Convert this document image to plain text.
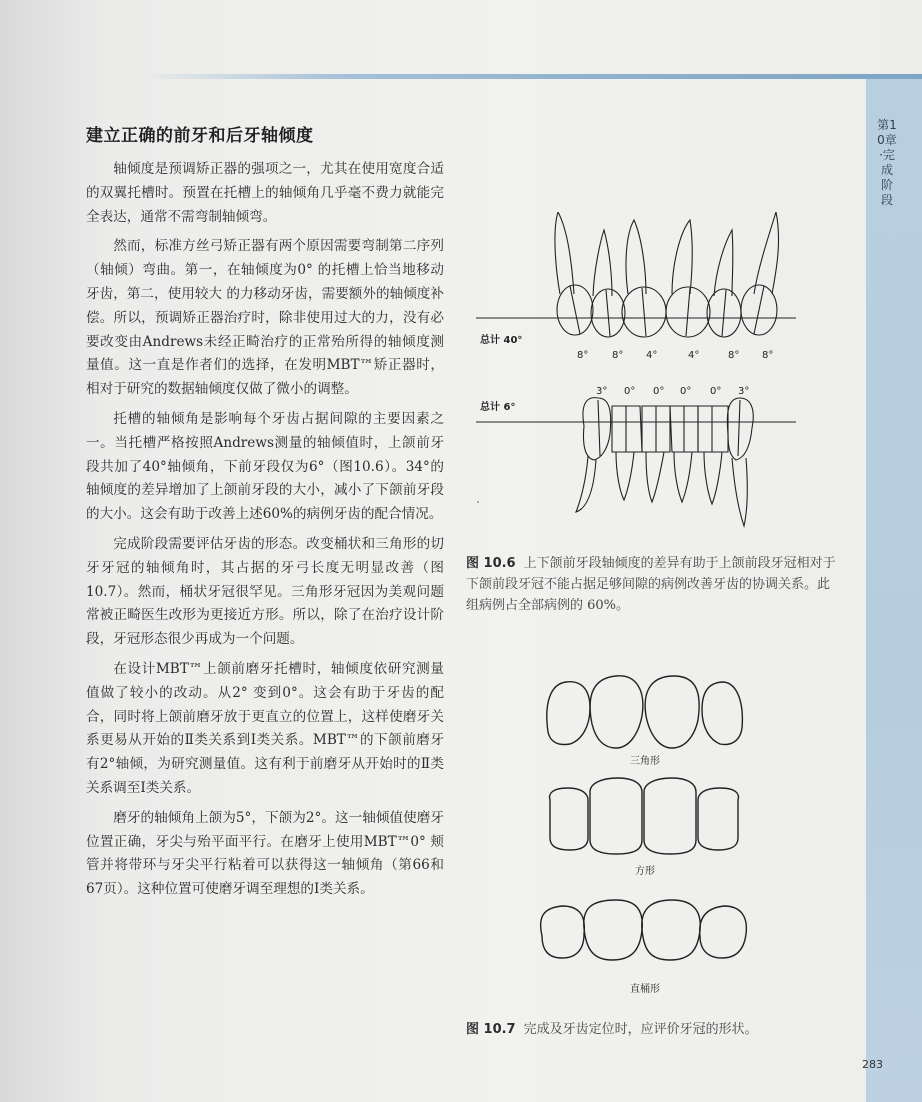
第10章·完成阶段
建立正确的前牙和后牙轴倾度

轴倾度是预调矫正器的强项之一，尤其在使用宽度合适的双翼托槽时。预置在托槽上的轴倾角几乎毫不费力就能完全表达，通常不需弯制轴倾弯。

然而，标准方丝弓矫正器有两个原因需要弯制第二序列（轴倾）弯曲。第一，在轴倾度为0° 的托槽上恰当地移动牙齿，第二，使用较大 的力移动牙齿，需要额外的轴倾度补偿。所以，预调矫正器治疗时，除非使用过大的力，没有必要改变由Andrews未经正畸治疗的正常殆所得的轴倾度测量值。这一直是作者们的选择，在发明MBT™矫正器时，相对于研究的数据轴倾度仅做了微小的调整。

托槽的轴倾角是影响每个牙齿占据间隙的主要因素之一。当托槽严格按照Andrews测量的轴倾值时，上颌前牙段共加了40°轴倾角，下前牙段仅为6°（图10.6）。34°的轴倾度的差异增加了上颌前牙段的大小，减小了下颌前牙段的大小。这会有助于改善上述60%的病例牙齿的配合情况。

完成阶段需要评估牙齿的形态。改变桶状和三角形的切牙牙冠的轴倾角时，其占据的牙弓长度无明显改善（图 10.7）。然而，桶状牙冠很罕见。三角形牙冠因为美观问题常被正畸医生改形为更接近方形。所以，除了在治疗设计阶段，牙冠形态很少再成为一个问题。

在设计MBT™上颌前磨牙托槽时，轴倾度依研究测量值做了较小的改动。从2° 变到0°。这会有助于牙齿的配合，同时将上颌前磨牙放于更直立的位置上，这样使磨牙关系更易从开始的Ⅱ类关系到Ⅰ类关系。MBT™的下颌前磨牙有2°轴倾，为研究测量值。这有利于前磨牙从开始时的Ⅱ类关系调至Ⅰ类关系。

磨牙的轴倾角上颌为5°，下颌为2°。这一轴倾值使磨牙位置正确，牙尖与殆平面平行。在磨牙上使用MBT™0° 颊管并将带环与牙尖平行粘着可以获得这一轴倾角（第66和67页）。这种位置可使磨牙调至理想的Ⅰ类关系。

总计 40°
8° 8° 4°	4°	8° 8°
3° 0° 0° 0° 0° 3°
总计 6°
图 10.6 上下颌前牙段轴倾度的差异有助于上颌前段牙冠相对于下颌前段牙冠不能占据足够间隙的病例改善牙齿的协调关系。此组病例占全部病例的 60%。
三角形
方形
直桶形
图 10.7 完成及牙齿定位时，应评价牙冠的形状。
283
